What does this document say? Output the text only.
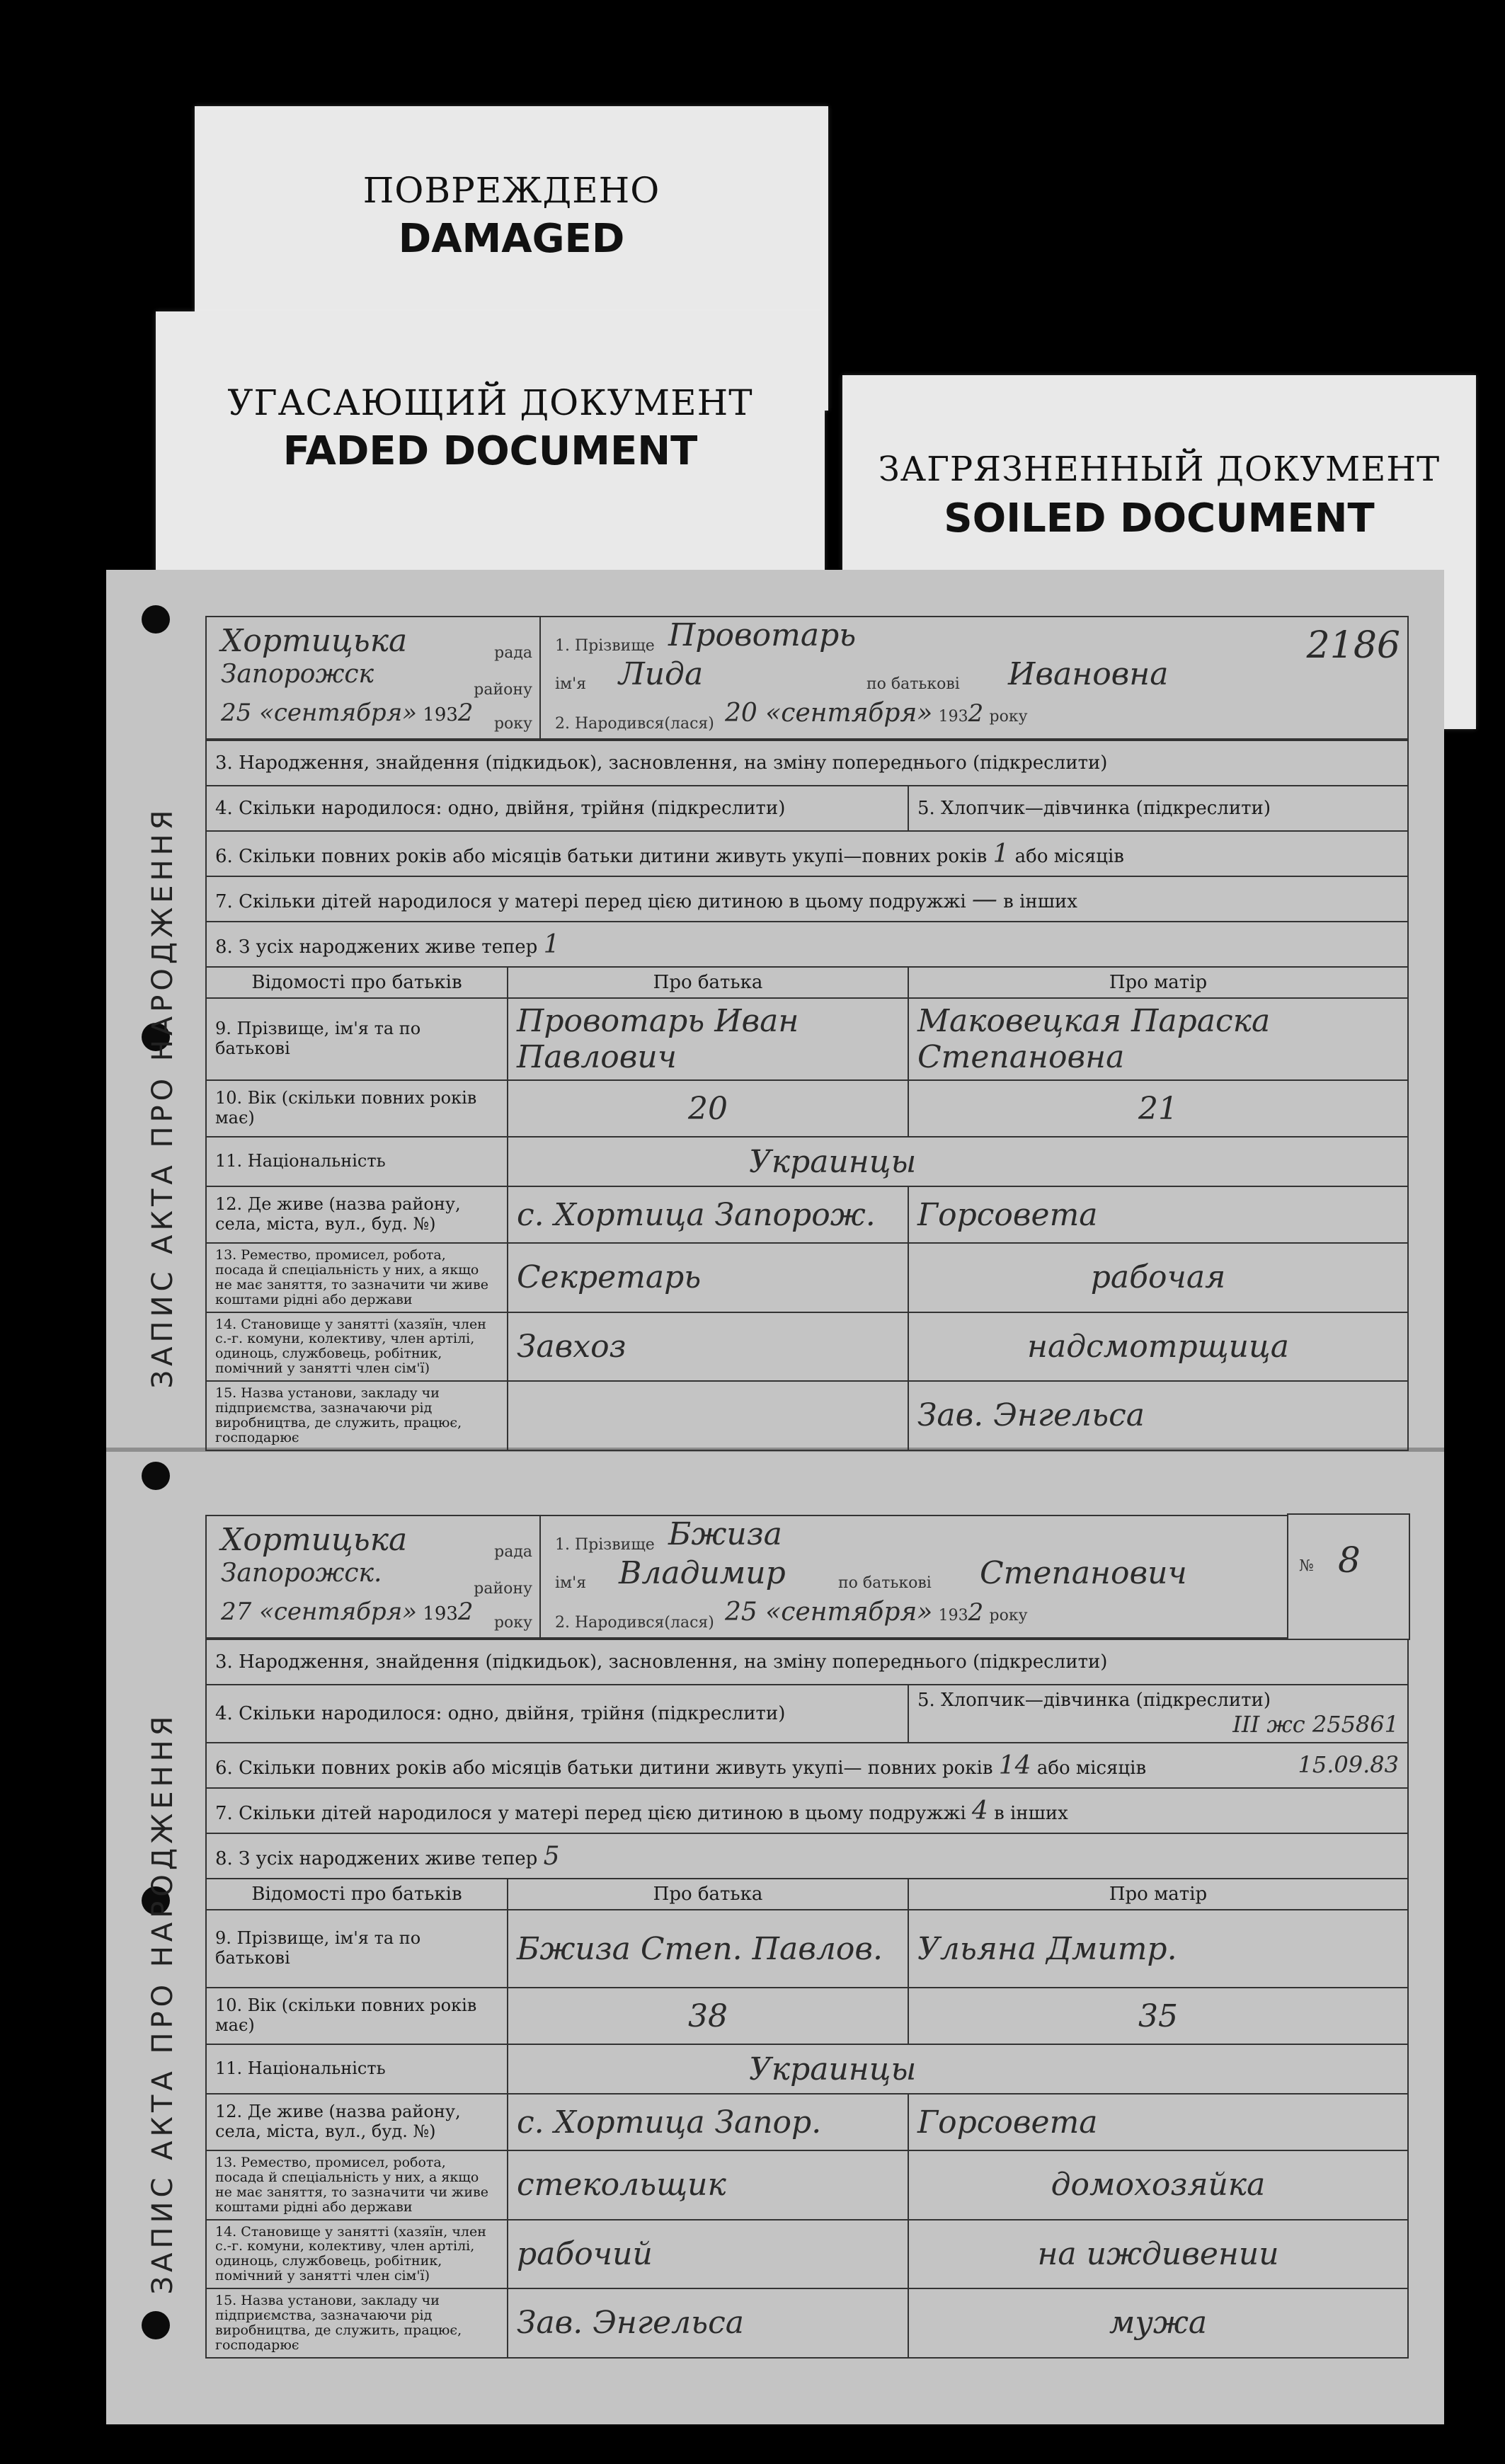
ПОВРЕЖДЕНО
DAMAGED
УГАСАЮЩИЙ ДОКУМЕНТ
FADED DOCUMENT	ЗАГРЯЗНЕННЫЙ ДОКУМЕНТ
SOILED DOCUMENT
ЗАПИС АКТА ПРО НАРОДЖЕННЯ
Хортицька	рада
Запорожск
району
25 «сентября» 1932 року
1. Прізвище Провотарь
ім'я Лида	по батькові Ивановна
2. Народився(лася) 20 «сентября» 1932 року
2186
3. Народження, знайдення (підкидьок), засновлення, на зміну попереднього (підкреслити)		
4. Скільки народилося: одно, двійня, трійня (підкреслити)		5. Хлопчик—дівчинка (підкреслити)
6. Скільки повних років або місяців батьки дитини живуть укупі—повних років 1 або місяців		
7. Скільки дітей народилося у матері перед цією дитиною в цьому подружжі — в інших		
8. З усіх народжених живе тепер 1		
Відомості про батьків	Про батька	Про матір
9. Прізвище, ім'я та по батькові	Провотарь Иван Павлович	Маковецкая Параска Степановна
10. Вік (скільки повних років має)	20	21
11. Національність	Украинцы	
12. Де живе (назва району, села, міста, вул., буд. №)	с. Хортица Запорож.	Горсовета
13. Ремество, промисел, робота, посада й спеціальність у них, а якщо не має заняття, то зазначити чи живе коштами рідні або держави	Секретарь	рабочая
14. Становище у занятті (хазяїн, член с.-г. комуни, колективу, член артілі, одиноць, службовець, робітник, помічний у занятті член сім'ї)	Завхоз	надсмотрщица
15. Назва установи, закладу чи підприємства, зазначаючи рід виробництва, де служить, працює, господарює		Зав. Энгельса
ЗАПИС АКТА ПРО НАРОДЖЕННЯ
Хортицька	рада
Запорожск.
району
27 «сентября» 1932 року
1. Прізвище Бжиза
ім'я Владимир	по батькові Степанович
2. Народився(лася) 25 «сентября» 1932 року
№ 8
3. Народження, знайдення (підкидьок), засновлення, на зміну попереднього (підкреслити)		
4. Скільки народилося: одно, двійня, трійня (підкреслити)		5. Хлопчик—дівчинка (підкреслити)
III жс 255861

6. Скільки повних років або місяців батьки дитини живуть укупі— повних років 14 або місяців 15.09.83		

7. Скільки дітей народилося у матері перед цією дитиною в цьому подружжі 4 в інших		
8. З усіх народжених живе тепер 5		
Відомості про батьків	Про батька	Про матір
9. Прізвище, ім'я та по батькові	Бжиза Степ. Павлов.	Ульяна Дмитр.
10. Вік (скільки повних років має)	38	35
11. Національність	Украинцы	
12. Де живе (назва району, села, міста, вул., буд. №)	с. Хортица Запор.	Горсовета
13. Ремество, промисел, робота, посада й спеціальність у них, а якщо не має заняття, то зазначити чи живе коштами рідні або держави	стекольщик	домохозяйка
14. Становище у занятті (хазяїн, член с.-г. комуни, колективу, член артілі, одиноць, службовець, робітник, помічний у занятті член сім'ї)	рабочий	на иждивении
15. Назва установи, закладу чи підприємства, зазначаючи рід виробництва, де служить, працює, господарює	Зав. Энгельса	мужа
